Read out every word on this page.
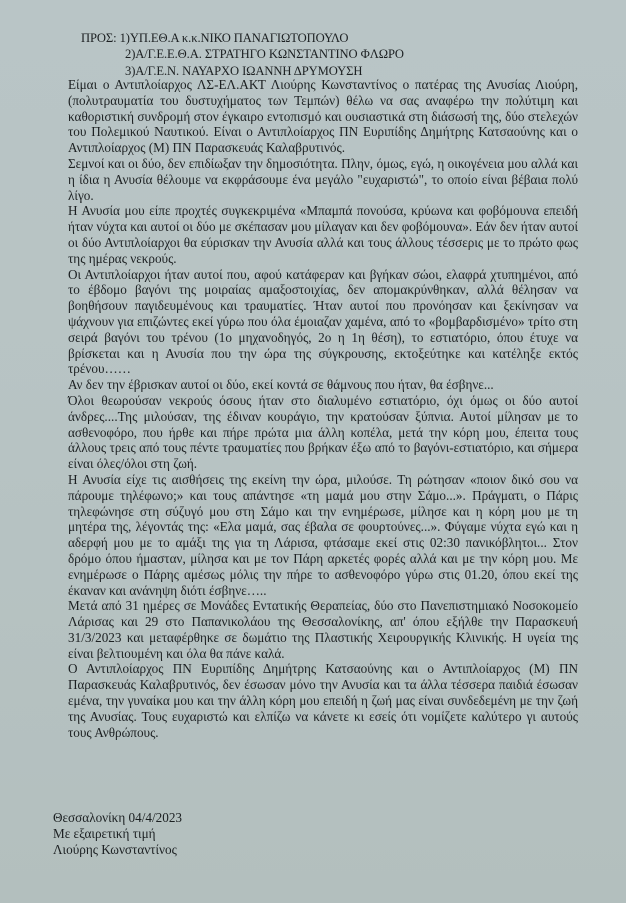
ΠΡΟΣ: 1)ΥΠ.ΕΘ.Α κ.κ.ΝΙΚΟ ΠΑΝΑΓΙΩΤΟΠΟΥΛΟ
2)Α/Γ.Ε.Ε.Θ.Α. ΣΤΡΑΤΗΓΟ ΚΩΝΣΤΑΝΤΙΝΟ ΦΛΩΡΟ
3)Α/Γ.Ε.Ν. ΝΑΥΑΡΧΟ ΙΩΑΝΝΗ ΔΡΥΜΟΥΣΗ

Είμαι ο Αντιπλοίαρχος ΛΣ-ΕΛ.ΑΚΤ Λιούρης Κωνσταντίνος ο πατέρας της Ανυσίας Λιούρη, (πολυτραυματία του δυστυχήματος των Τεμπών) θέλω να σας αναφέρω την πολύτιμη και καθοριστική συνδρομή στον έγκαιρο εντοπισμό και ουσιαστικά στη διάσωσή της, δύο στελεχών του Πολεμικού Ναυτικού. Είναι ο Αντιπλοίαρχος ΠΝ Ευριπίδης Δημήτρης Κατσαούνης και ο Αντιπλοίαρχος (Μ) ΠΝ Παρασκευάς Καλαβρυτινός.

Σεμνοί και οι δύο, δεν επιδίωξαν την δημοσιότητα. Πλην, όμως, εγώ, η οικογένεια μου αλλά και η ίδια η Ανυσία θέλουμε να εκφράσουμε ένα μεγάλο "ευχαριστώ", το οποίο είναι βέβαια πολύ λίγο.

Η Ανυσία μου είπε προχτές συγκεκριμένα «Μπαμπά πονούσα, κρύωνα και φοβόμουνα επειδή ήταν νύχτα και αυτοί οι δύο με σκέπασαν μου μίλαγαν και δεν φοβόμουνα». Εάν δεν ήταν αυτοί οι δύο Αντιπλοίαρχοι θα εύρισκαν την Ανυσία αλλά και τους άλλους τέσσερις με το πρώτο φως της ημέρας νεκρούς.

Οι Αντιπλοίαρχοι ήταν αυτοί που, αφού κατάφεραν και βγήκαν σώοι, ελαφρά χτυπημένοι, από το έβδομο βαγόνι της μοιραίας αμαξοστοιχίας, δεν απομακρύνθηκαν, αλλά θέλησαν να βοηθήσουν παγιδευμένους και τραυματίες. Ήταν αυτοί που προνόησαν και ξεκίνησαν να ψάχνουν για επιζώντες εκεί γύρω που όλα έμοιαζαν χαμένα, από το «βομβαρδισμένο» τρίτο στη σειρά βαγόνι του τρένου (1ο μηχανοδηγός, 2ο η 1η θέση), το εστιατόριο, όπου έτυχε να βρίσκεται και η Ανυσία που την ώρα της σύγκρουσης, εκτοξεύτηκε και κατέληξε εκτός τρένου……

Αν δεν την έβρισκαν αυτοί οι δύο, εκεί κοντά σε θάμνους που ήταν, θα έσβηνε...

Όλοι θεωρούσαν νεκρούς όσους ήταν στο διαλυμένο εστιατόριο, όχι όμως οι δύο αυτοί άνδρες....Της μιλούσαν, της έδιναν κουράγιο, την κρατούσαν ξύπνια. Αυτοί μίλησαν με το ασθενοφόρο, που ήρθε και πήρε πρώτα μια άλλη κοπέλα, μετά την κόρη μου, έπειτα τους άλλους τρεις από τους πέντε τραυματίες που βρήκαν έξω από το βαγόνι-εστιατόριο, και σήμερα είναι όλες/όλοι στη ζωή.

Η Ανυσία είχε τις αισθήσεις της εκείνη την ώρα, μιλούσε. Τη ρώτησαν «ποιον δικό σου να πάρουμε τηλέφωνο;» και τους απάντησε «τη μαμά μου στην Σάμο...». Πράγματι, ο Πάρις τηλεφώνησε στη σύζυγό μου στη Σάμο και την ενημέρωσε, μίλησε και η κόρη μου με τη μητέρα της, λέγοντάς της: «Ελα μαμά, σας έβαλα σε φουρτούνες...». Φύγαμε νύχτα εγώ και η αδερφή μου με το αμάξι της για τη Λάρισα, φτάσαμε εκεί στις 02:30 πανικόβλητοι... Στον δρόμο όπου ήμασταν, μίλησα και με τον Πάρη αρκετές φορές αλλά και με την κόρη μου. Με ενημέρωσε ο Πάρης αμέσως μόλις την πήρε το ασθενοφόρο γύρω στις 01.20, όπου εκεί της έκαναν και ανάνηψη διότι έσβηνε…..

Μετά από 31 ημέρες σε Μονάδες Εντατικής Θεραπείας, δύο στο Πανεπιστημιακό Νοσοκομείο Λάρισας και 29 στο Παπανικολάου της Θεσσαλονίκης, απ' όπου εξήλθε την Παρασκευή 31/3/2023 και μεταφέρθηκε σε δωμάτιο της Πλαστικής Χειρουργικής Κλινικής. Η υγεία της είναι βελτιουμένη και όλα θα πάνε καλά.

Ο Αντιπλοίαρχος ΠΝ Ευριπίδης Δημήτρης Κατσαούνης και ο Αντιπλοίαρχος (Μ) ΠΝ Παρασκευάς Καλαβρυτινός, δεν έσωσαν μόνο την Ανυσία και τα άλλα τέσσερα παιδιά έσωσαν εμένα, την γυναίκα μου και την άλλη κόρη μου επειδή η ζωή μας είναι συνδεδεμένη με την ζωή της Ανυσίας. Τους ευχαριστώ και ελπίζω να κάνετε κι εσείς ότι νομίζετε καλύτερο γι αυτούς τους Ανθρώπους.

Θεσσαλονίκη 04/4/2023
Με εξαιρετική τιμή
Λιούρης Κωνσταντίνος
